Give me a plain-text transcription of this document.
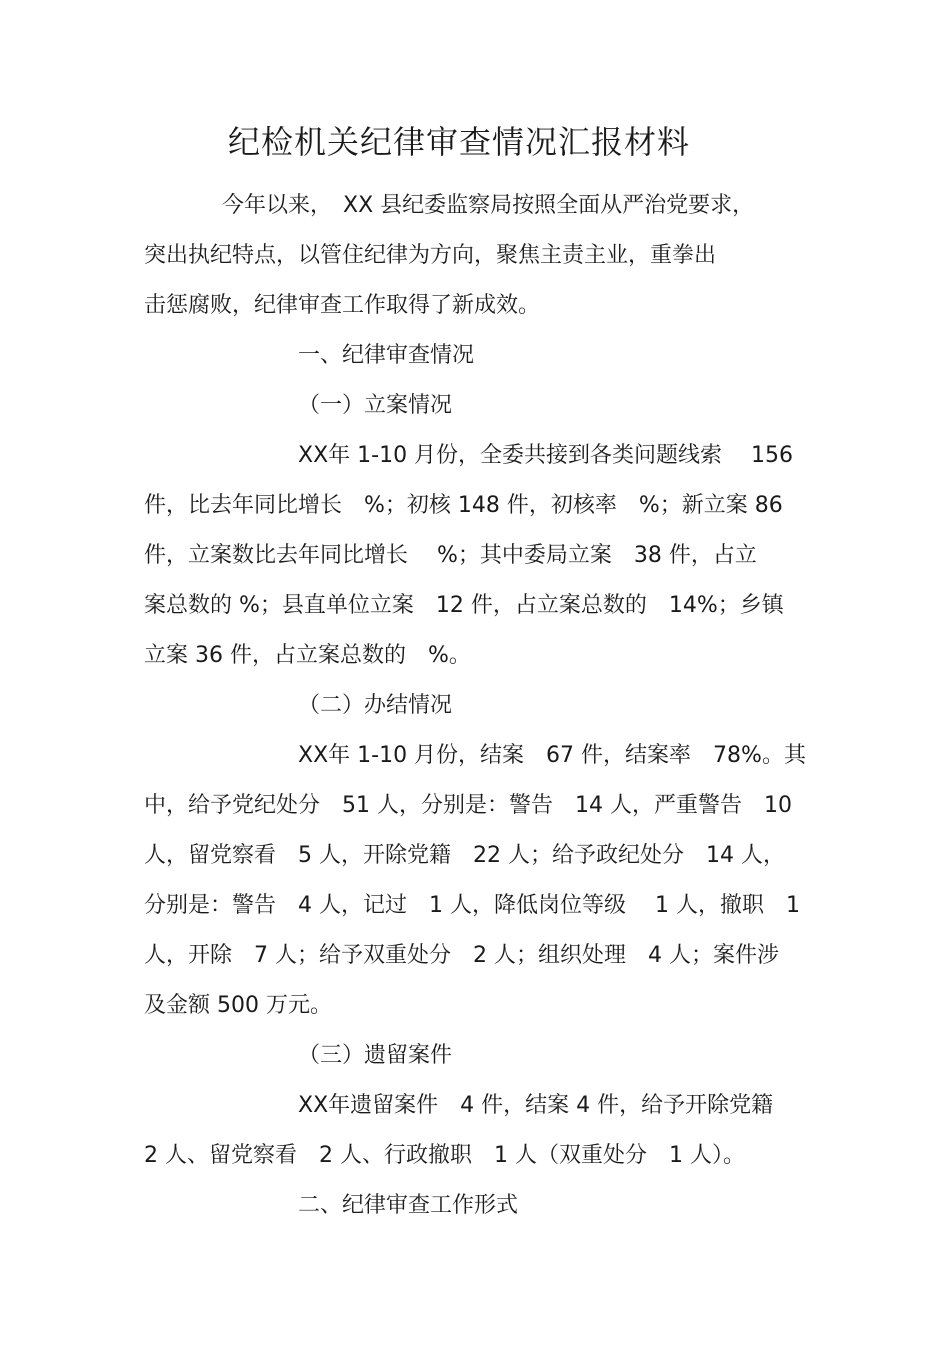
纪检机关纪律审查情况汇报材料
今年以来，　XX 县纪委监察局按照全面从严治党要求，
突出执纪特点，以管住纪律为方向，聚焦主责主业，重拳出
击惩腐败，纪律审查工作取得了新成效。
一、纪律审查情况
（一）立案情况
XX年 1-10 月份，全委共接到各类问题线索　 156
件，比去年同比增长　%；初核 148 件，初核率　%；新立案 86
件，立案数比去年同比增长　 %；其中委局立案　38 件，占立
案总数的 %；县直单位立案　12 件，占立案总数的　14%；乡镇
立案 36 件，占立案总数的　%。
（二）办结情况
XX年 1-10 月份，结案　67 件，结案率　78%。其
中，给予党纪处分　51 人，分别是：警告　14 人，严重警告　10
人，留党察看　5 人，开除党籍　22 人；给予政纪处分　14 人，
分别是：警告　4 人，记过　1 人，降低岗位等级　 1 人，撤职　1
人，开除　7 人；给予双重处分　2 人；组织处理　4 人；案件涉
及金额 500 万元。
（三）遗留案件
XX年遗留案件　4 件，结案 4 件，给予开除党籍
2 人、留党察看　2 人、行政撤职　1 人（双重处分　1 人）。
二、纪律审查工作形式
